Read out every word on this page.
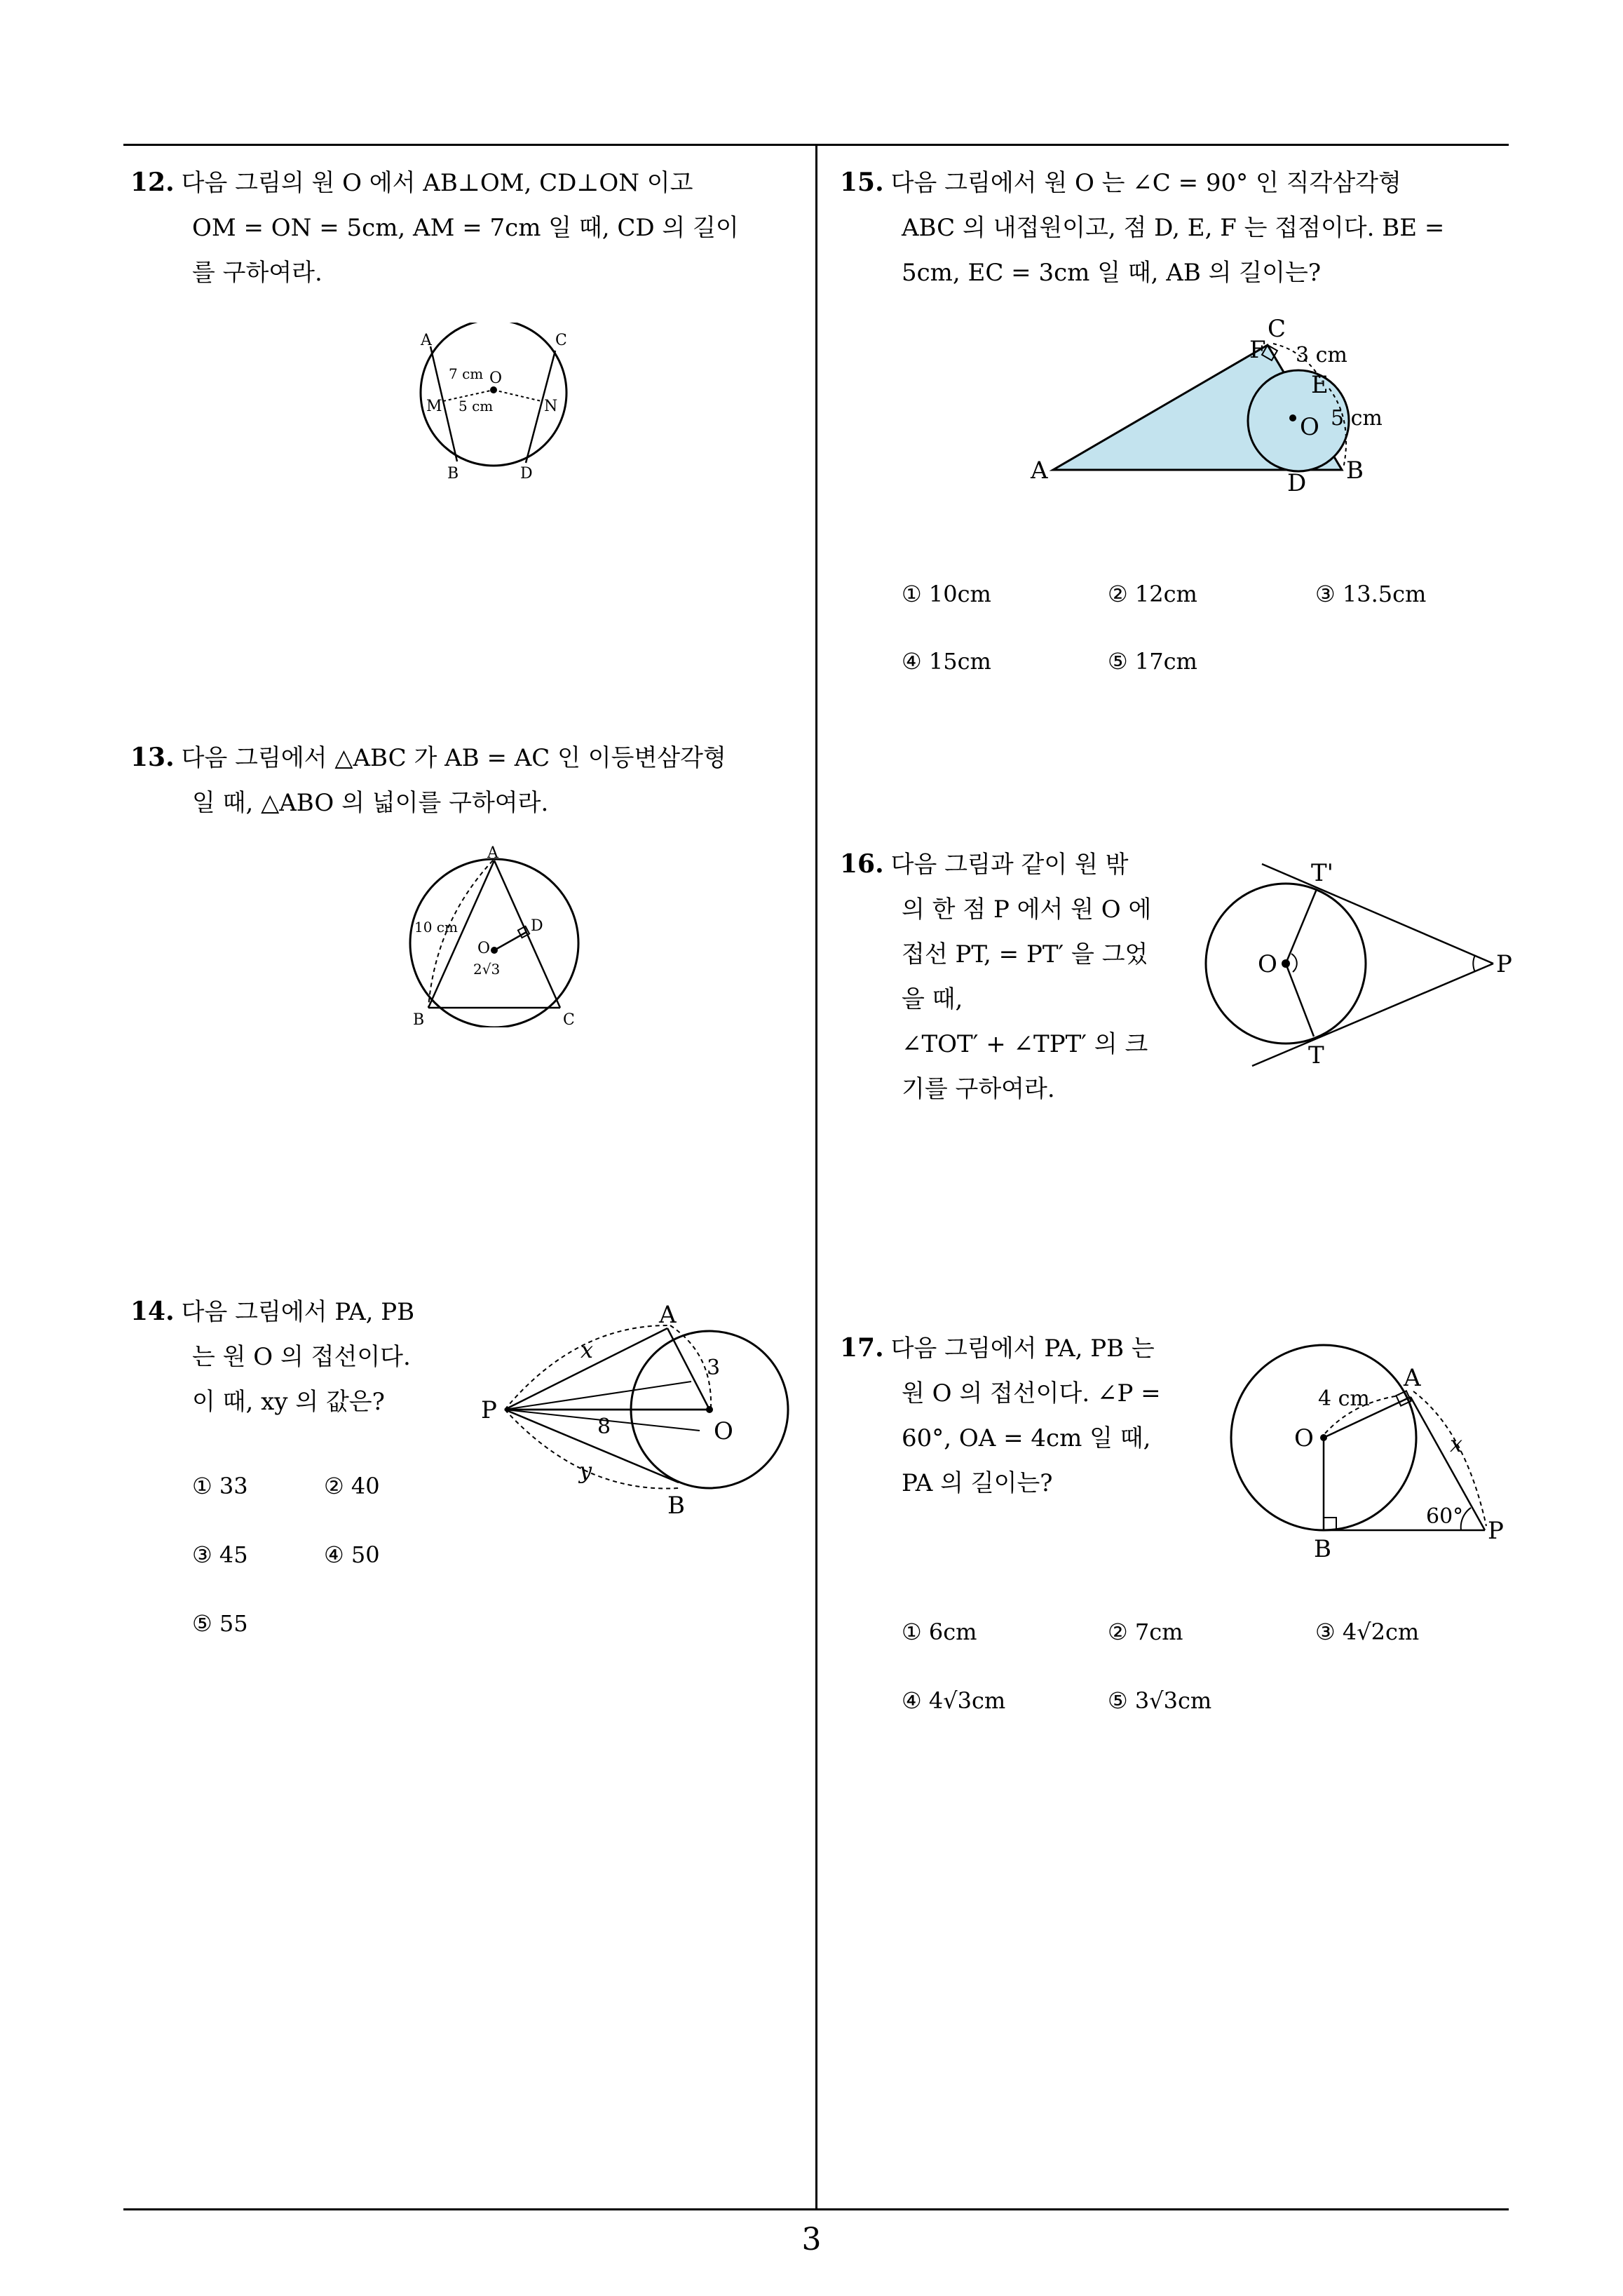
12. 다음 그림의 원 O 에서 AB⊥OM, CD⊥ON 이고
OM = ON = 5cm, AM = 7cm 일 때, CD 의 길이
를 구하여라.
A	C
M	N
O
B	D
7 cm
5 cm
13. 다음 그림에서 △ABC 가 AB = AC 인 이등변삼각형
일 때, △ABO 의 넓이를 구하여라.
A
B	C
D
O
10 cm
2√3
14. 다음 그림에서 PA, PB
는 원 O 의 접선이다.
이 때, xy 의 값은?
A
B
O
P
x
y
3
8
① 33	② 40
③ 45	④ 50
⑤ 55
15. 다음 그림에서 원 O 는 ∠C = 90° 인 직각삼각형
ABC 의 내접원이고, 점 D, E, F 는 접점이다. BE =
5cm, EC = 3cm 일 때, AB 의 길이는?
A	B
C
F
E
D
O
3 cm
5 cm
① 10cm	② 12cm	③ 13.5cm
④ 15cm	⑤ 17cm
16. 다음 그림과 같이 원 밖
의 한 점 P 에서 원 O 에
접선 PT, = PT′ 을 그었
을 때,
∠TOT′ + ∠TPT′ 의 크
기를 구하여라.
T'
T
O	P
17. 다음 그림에서 PA, PB 는
원 O 의 접선이다. ∠P =
60°, OA = 4cm 일 때,
PA 의 길이는?
A
B
O
P
x
4 cm
60°
① 6cm	② 7cm	③ 4√2cm
④ 4√3cm	⑤ 3√3cm
3
